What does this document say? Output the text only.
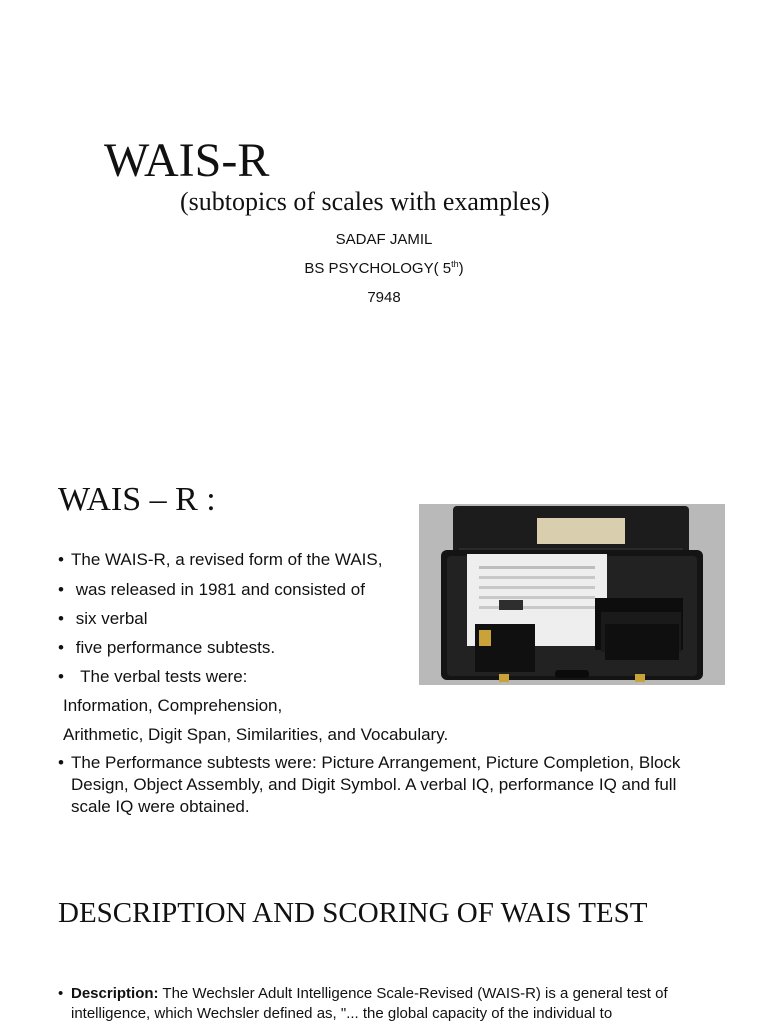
WAIS-R

(subtopics of scales with examples)

SADAF JAMIL

BS PSYCHOLOGY( 5th)

7948

WAIS – R :

• The WAIS-R, a revised form of the WAIS,

• was released in 1981 and consisted of

• six verbal

• five performance subtests.

•  The verbal tests were:

Information, Comprehension,

Arithmetic, Digit Span, Similarities, and Vocabulary.

• The Performance subtests were: Picture Arrangement, Picture Completion, Block Design, Object Assembly, and Digit Symbol. A verbal IQ, performance IQ and full scale IQ were obtained.
DESCRIPTION AND SCORING OF WAIS TEST
• Description: The Wechsler Adult Intelligence Scale-Revised (WAIS-R) is a general test of intelligence, which Wechsler defined as, "... the global capacity of the individual to
